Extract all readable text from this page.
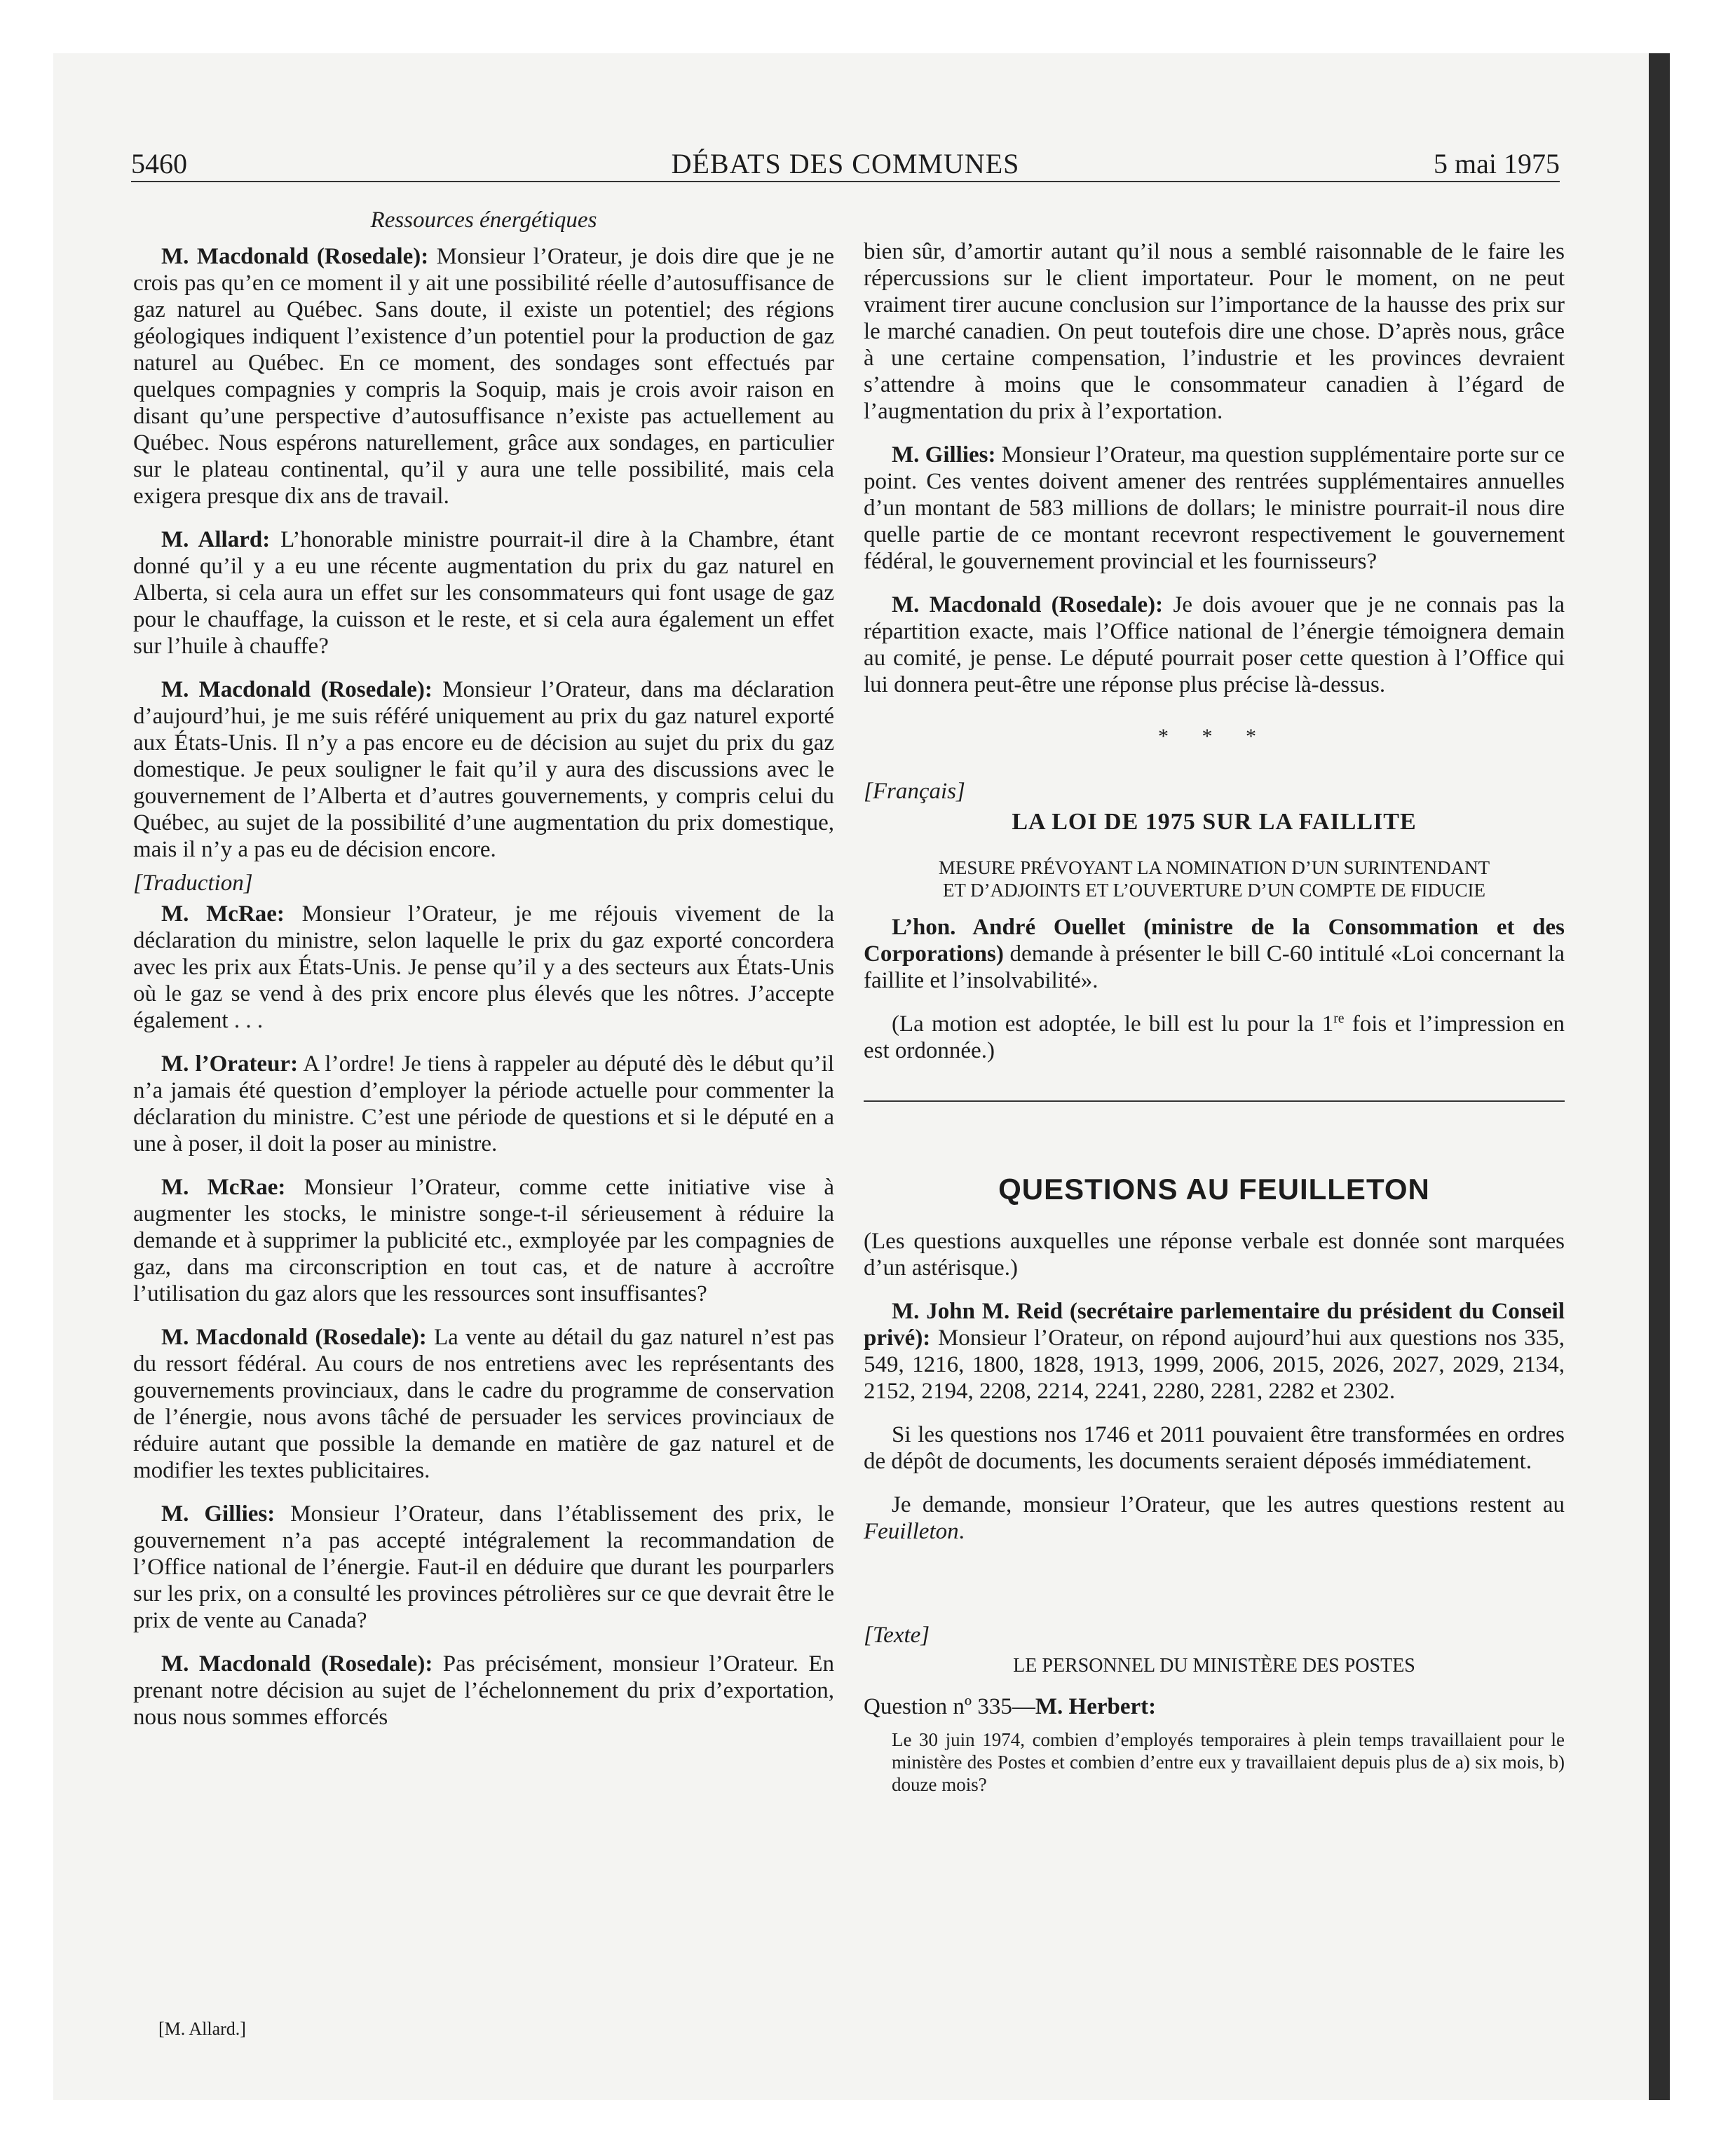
5460	DÉBATS DES COMMUNES	5 mai 1975
Ressources énergétiques

M. Macdonald (Rosedale): Monsieur l’Orateur, je dois dire que je ne crois pas qu’en ce moment il y ait une possibilité réelle d’autosuffisance de gaz naturel au Québec. Sans doute, il existe un potentiel; des régions géologiques indiquent l’existence d’un potentiel pour la production de gaz naturel au Québec. En ce moment, des sondages sont effectués par quelques compagnies y compris la Soquip, mais je crois avoir raison en disant qu’une perspective d’autosuffisance n’existe pas actuellement au Québec. Nous espérons naturellement, grâce aux sondages, en particulier sur le plateau continental, qu’il y aura une telle possibilité, mais cela exigera presque dix ans de travail.

M. Allard: L’honorable ministre pourrait-il dire à la Chambre, étant donné qu’il y a eu une récente augmentation du prix du gaz naturel en Alberta, si cela aura un effet sur les consommateurs qui font usage de gaz pour le chauffage, la cuisson et le reste, et si cela aura également un effet sur l’huile à chauffe?

M. Macdonald (Rosedale): Monsieur l’Orateur, dans ma déclaration d’aujourd’hui, je me suis référé uniquement au prix du gaz naturel exporté aux États-Unis. Il n’y a pas encore eu de décision au sujet du prix du gaz domestique. Je peux souligner le fait qu’il y aura des discussions avec le gouvernement de l’Alberta et d’autres gouvernements, y compris celui du Québec, au sujet de la possibilité d’une augmentation du prix domestique, mais il n’y a pas eu de décision encore.

[Traduction]

M. McRae: Monsieur l’Orateur, je me réjouis vivement de la déclaration du ministre, selon laquelle le prix du gaz exporté concordera avec les prix aux États-Unis. Je pense qu’il y a des secteurs aux États-Unis où le gaz se vend à des prix encore plus élevés que les nôtres. J’accepte également . . .

M. l’Orateur: A l’ordre! Je tiens à rappeler au député dès le début qu’il n’a jamais été question d’employer la période actuelle pour commenter la déclaration du ministre. C’est une période de questions et si le député en a une à poser, il doit la poser au ministre.

M. McRae: Monsieur l’Orateur, comme cette initiative vise à augmenter les stocks, le ministre songe-t-il sérieusement à réduire la demande et à supprimer la publicité etc., exmployée par les compagnies de gaz, dans ma circonscription en tout cas, et de nature à accroître l’utilisation du gaz alors que les ressources sont insuffisantes?

M. Macdonald (Rosedale): La vente au détail du gaz naturel n’est pas du ressort fédéral. Au cours de nos entretiens avec les représentants des gouvernements provinciaux, dans le cadre du programme de conservation de l’énergie, nous avons tâché de persuader les services provinciaux de réduire autant que possible la demande en matière de gaz naturel et de modifier les textes publicitaires.

M. Gillies: Monsieur l’Orateur, dans l’établissement des prix, le gouvernement n’a pas accepté intégralement la recommandation de l’Office national de l’énergie. Faut-il en déduire que durant les pourparlers sur les prix, on a consulté les provinces pétrolières sur ce que devrait être le prix de vente au Canada?

M. Macdonald (Rosedale): Pas précisément, monsieur l’Orateur. En prenant notre décision au sujet de l’échelonnement du prix d’exportation, nous nous sommes efforcés

[M. Allard.]

bien sûr, d’amortir autant qu’il nous a semblé raisonnable de le faire les répercussions sur le client importateur. Pour le moment, on ne peut vraiment tirer aucune conclusion sur l’importance de la hausse des prix sur le marché canadien. On peut toutefois dire une chose. D’après nous, grâce à une certaine compensation, l’industrie et les provinces devraient s’attendre à moins que le consommateur canadien à l’égard de l’augmentation du prix à l’exportation.

M. Gillies: Monsieur l’Orateur, ma question supplémentaire porte sur ce point. Ces ventes doivent amener des rentrées supplémentaires annuelles d’un montant de 583 millions de dollars; le ministre pourrait-il nous dire quelle partie de ce montant recevront respectivement le gouvernement fédéral, le gouvernement provincial et les fournisseurs?

M. Macdonald (Rosedale): Je dois avouer que je ne connais pas la répartition exacte, mais l’Office national de l’énergie témoignera demain au comité, je pense. Le député pourrait poser cette question à l’Office qui lui donnera peut-être une réponse plus précise là-dessus.

* * *
[Français]
LA LOI DE 1975 SUR LA FAILLITE
MESURE PRÉVOYANT LA NOMINATION D’UN SURINTENDANT
ET D’ADJOINTS ET L’OUVERTURE D’UN COMPTE DE FIDUCIE

L’hon. André Ouellet (ministre de la Consommation et des Corporations) demande à présenter le bill C-60 intitulé «Loi concernant la faillite et l’insolvabilité».

(La motion est adoptée, le bill est lu pour la 1re fois et l’impression en est ordonnée.)

QUESTIONS AU FEUILLETON

(Les questions auxquelles une réponse verbale est donnée sont marquées d’un astérisque.)

M. John M. Reid (secrétaire parlementaire du président du Conseil privé): Monsieur l’Orateur, on répond aujourd’hui aux questions nos 335, 549, 1216, 1800, 1828, 1913, 1999, 2006, 2015, 2026, 2027, 2029, 2134, 2152, 2194, 2208, 2214, 2241, 2280, 2281, 2282 et 2302.

Si les questions nos 1746 et 2011 pouvaient être transformées en ordres de dépôt de documents, les documents seraient déposés immédiatement.

Je demande, monsieur l’Orateur, que les autres questions restent au Feuilleton.

[Texte]
LE PERSONNEL DU MINISTÈRE DES POSTES
Question nº 335—M. Herbert:
Le 30 juin 1974, combien d’employés temporaires à plein temps travaillaient pour le ministère des Postes et combien d’entre eux y travaillaient depuis plus de a) six mois, b) douze mois?
